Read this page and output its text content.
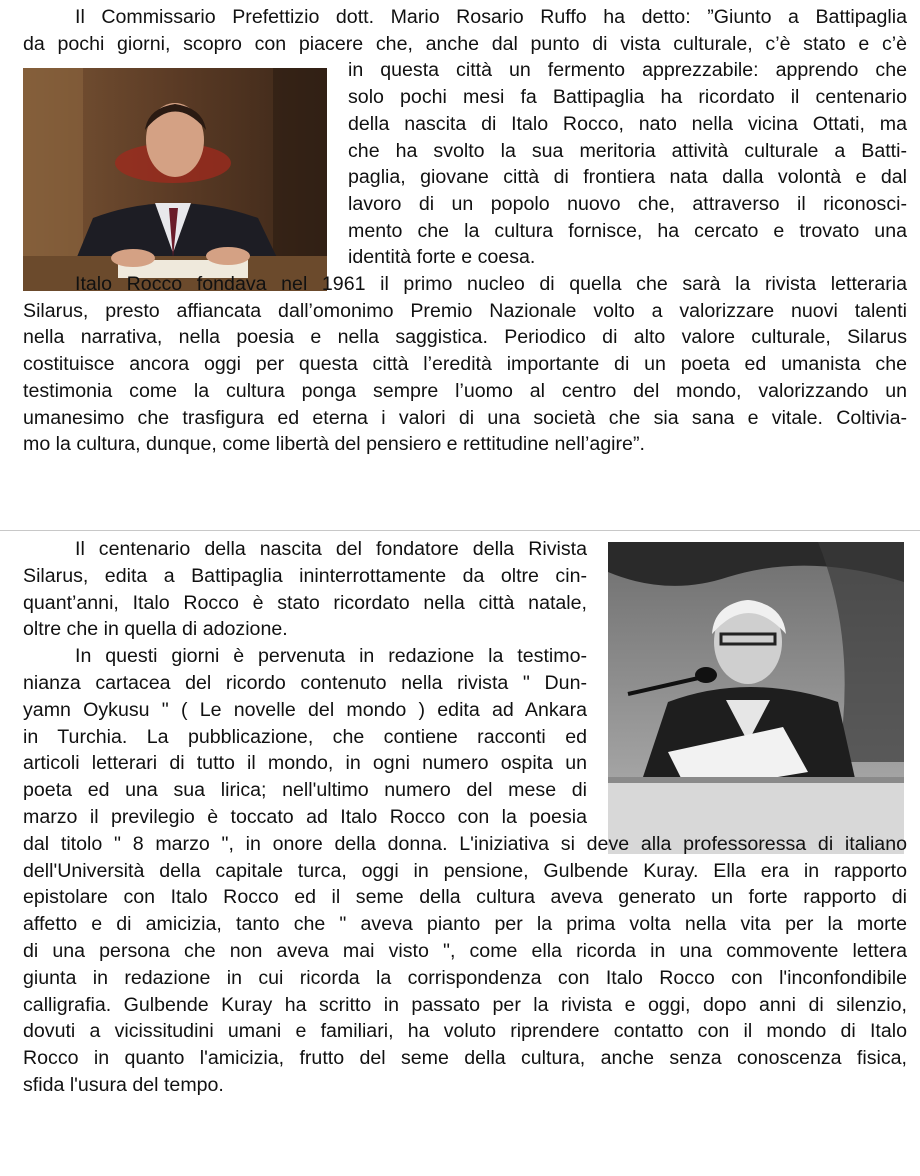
Il Commissario Prefettizio dott. Mario Rosario Ruffo ha detto: ”Giunto a Battipaglia
da pochi giorni, scopro con piacere che, anche dal punto di vista culturale, c’è stato e c’è
in questa città un fermento apprezzabile: apprendo che
solo pochi mesi fa Battipaglia ha ricordato il centenario
della nascita di Italo Rocco, nato nella vicina Ottati, ma
che ha svolto la sua meritoria attività culturale a Batti-
paglia, giovane città di frontiera nata dalla volontà e dal
lavoro di un popolo nuovo che, attraverso il riconosci-
mento che la cultura fornisce, ha cercato e trovato una
identità forte e coesa.
Italo Rocco fondava nel 1961 il primo nucleo di quella che sarà la rivista letteraria
Silarus, presto affiancata dall’omonimo Premio Nazionale volto a valorizzare nuovi talenti
nella narrativa, nella poesia e nella saggistica. Periodico di alto valore culturale, Silarus
costituisce ancora oggi per questa città l’eredità importante di un poeta ed umanista che
testimonia come la cultura ponga sempre l’uomo al centro del mondo, valorizzando un
umanesimo che trasfigura ed eterna i valori di una società che sia sana e vitale. Coltivia-
mo la cultura, dunque, come libertà del pensiero e rettitudine nell’agire”.
Il centenario della nascita del fondatore della Rivista
Silarus, edita a Battipaglia ininterrottamente da oltre cin-
quant’anni, Italo Rocco è stato ricordato nella città natale,
oltre che in quella di adozione.
In questi giorni è pervenuta in redazione la testimo-
nianza cartacea del ricordo contenuto nella rivista " Dun-
yamn Oykusu " ( Le novelle del mondo ) edita ad Ankara
in Turchia. La pubblicazione, che contiene racconti ed
articoli letterari di tutto il mondo, in ogni numero ospita un
poeta ed una sua lirica; nell'ultimo numero del mese di
marzo il previlegio è toccato ad Italo Rocco con la poesia
dal titolo " 8 marzo ", in onore della donna. L'iniziativa si deve alla professoressa di italiano
dell'Università della capitale turca, oggi in pensione, Gulbende Kuray. Ella era in rapporto
epistolare con Italo Rocco ed il seme della cultura aveva generato un forte rapporto di
affetto e di amicizia, tanto che " aveva pianto per la prima volta nella vita per la morte
di una persona che non aveva mai visto ", come ella ricorda in una commovente lettera
giunta in redazione in cui ricorda la corrispondenza con Italo Rocco con l'inconfondibile
calligrafia. Gulbende Kuray ha scritto in passato per la rivista e oggi, dopo anni di silenzio,
dovuti a vicissitudini umani e familiari, ha voluto riprendere contatto con il mondo di Italo
Rocco in quanto l'amicizia, frutto del seme della cultura, anche senza conoscenza fisica,
sfida l'usura del tempo.
